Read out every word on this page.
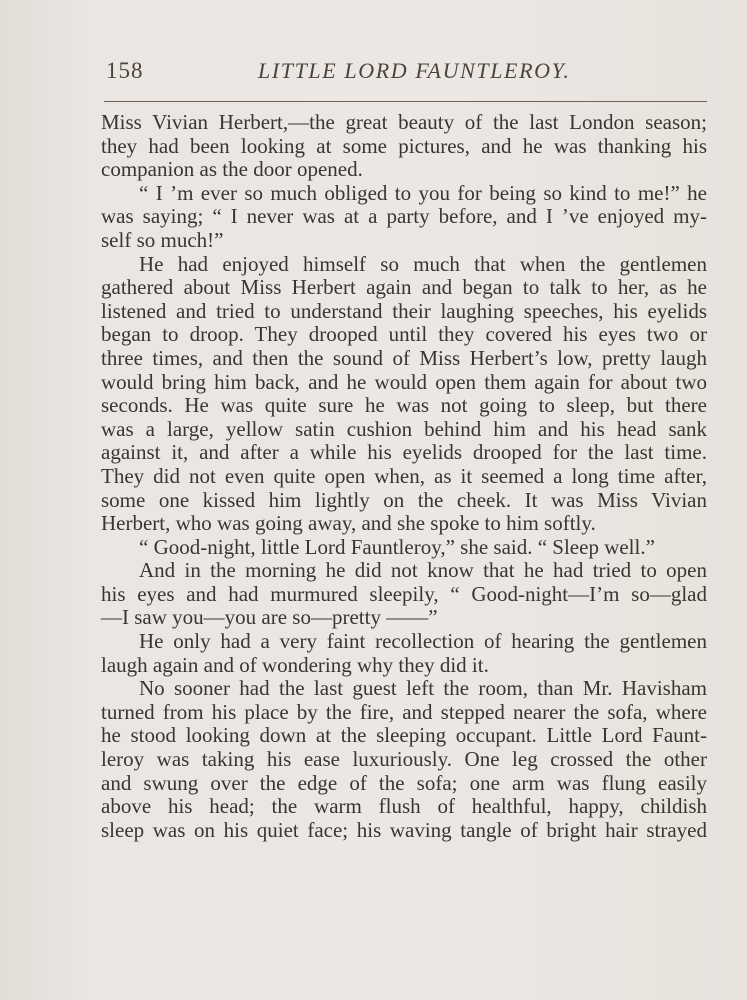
158	LITTLE LORD FAUNTLEROY.
Miss Vivian Herbert,—the great beauty of the last London season;
they had been looking at some pictures, and he was thanking his
companion as the door opened.
“ I ’m ever so much obliged to you for being so kind to me!” he
was saying; “ I never was at a party before, and I ’ve enjoyed my-
self so much!”
He had enjoyed himself so much that when the gentlemen
gathered about Miss Herbert again and began to talk to her, as he
listened and tried to understand their laughing speeches, his eyelids
began to droop. They drooped until they covered his eyes two or
three times, and then the sound of Miss Herbert’s low, pretty laugh
would bring him back, and he would open them again for about two
seconds. He was quite sure he was not going to sleep, but there
was a large, yellow satin cushion behind him and his head sank
against it, and after a while his eyelids drooped for the last time.
They did not even quite open when, as it seemed a long time after,
some one kissed him lightly on the cheek. It was Miss Vivian
Herbert, who was going away, and she spoke to him softly.
“ Good-night, little Lord Fauntleroy,” she said. “ Sleep well.”
And in the morning he did not know that he had tried to open
his eyes and had murmured sleepily, “ Good-night—I’m so—glad
—I saw you—you are so—pretty ——”
He only had a very faint recollection of hearing the gentlemen
laugh again and of wondering why they did it.
No sooner had the last guest left the room, than Mr. Havisham
turned from his place by the fire, and stepped nearer the sofa, where
he stood looking down at the sleeping occupant. Little Lord Faunt-
leroy was taking his ease luxuriously. One leg crossed the other
and swung over the edge of the sofa; one arm was flung easily
above his head; the warm flush of healthful, happy, childish
sleep was on his quiet face; his waving tangle of bright hair strayed
